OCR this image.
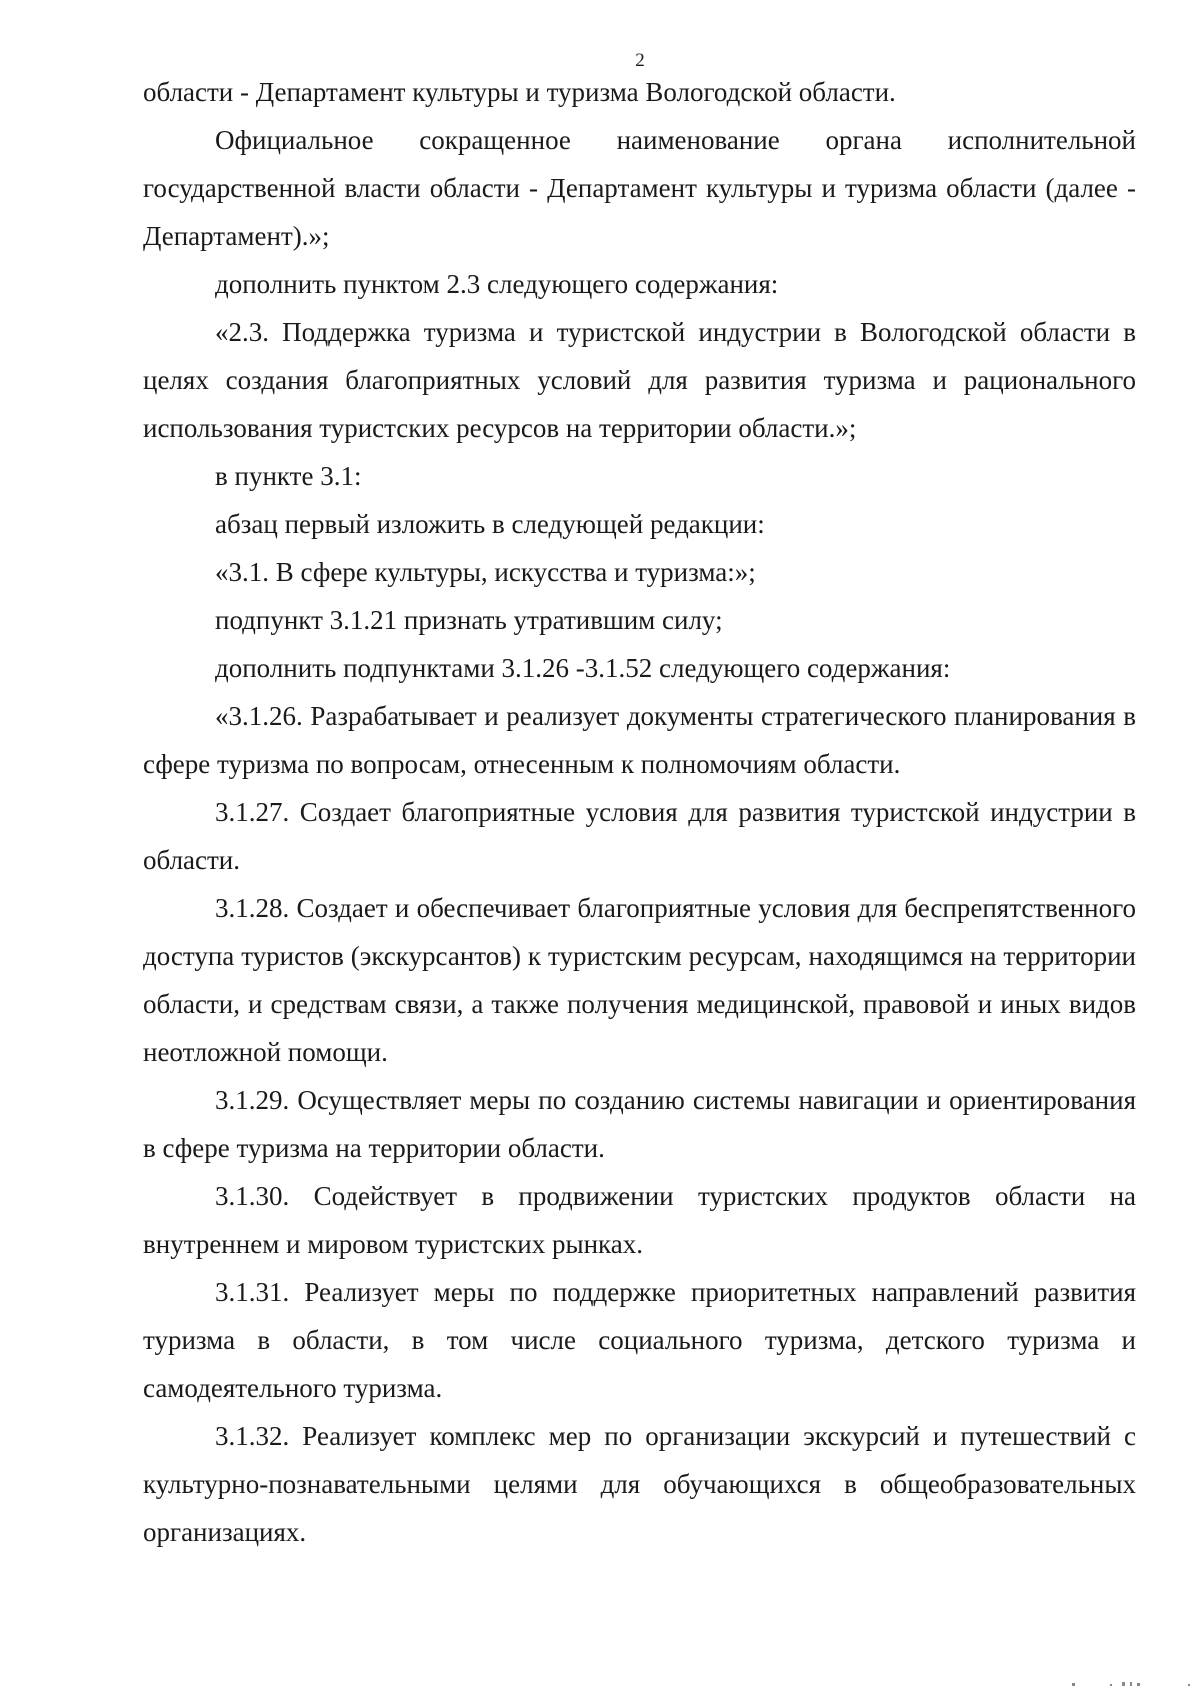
2

области - Департамент культуры и туризма Вологодской области.

Официальное сокращенное наименование органа исполнительной государственной власти области - Департамент культуры и туризма области (далее - Департамент).»;

дополнить пунктом 2.3 следующего содержания:

«2.3. Поддержка туризма и туристской индустрии в Вологодской области в целях создания благоприятных условий для развития туризма и рационального использования туристских ресурсов на территории области.»;

в пункте 3.1:

абзац первый изложить в следующей редакции:

«3.1. В сфере культуры, искусства и туризма:»;

подпункт 3.1.21 признать утратившим силу;

дополнить подпунктами 3.1.26 -3.1.52 следующего содержания:

«3.1.26. Разрабатывает и реализует документы стратегического планирования в сфере туризма по вопросам, отнесенным к полномочиям области.

3.1.27. Создает благоприятные условия для развития туристской индустрии в области.

3.1.28. Создает и обеспечивает благоприятные условия для беспрепятственного доступа туристов (экскурсантов) к туристским ресурсам, находящимся на территории области, и средствам связи, а также получения медицинской, правовой и иных видов неотложной помощи.

3.1.29. Осуществляет меры по созданию системы навигации и ориентирования в сфере туризма на территории области.

3.1.30. Содействует в продвижении туристских продуктов области на внутреннем и мировом туристских рынках.

3.1.31. Реализует меры по поддержке приоритетных направлений развития туризма в области, в том числе социального туризма, детского туризма и самодеятельного туризма.

3.1.32. Реализует комплекс мер по организации экскурсий и путешествий с культурно-познавательными целями для обучающихся в общеобразовательных организациях.
